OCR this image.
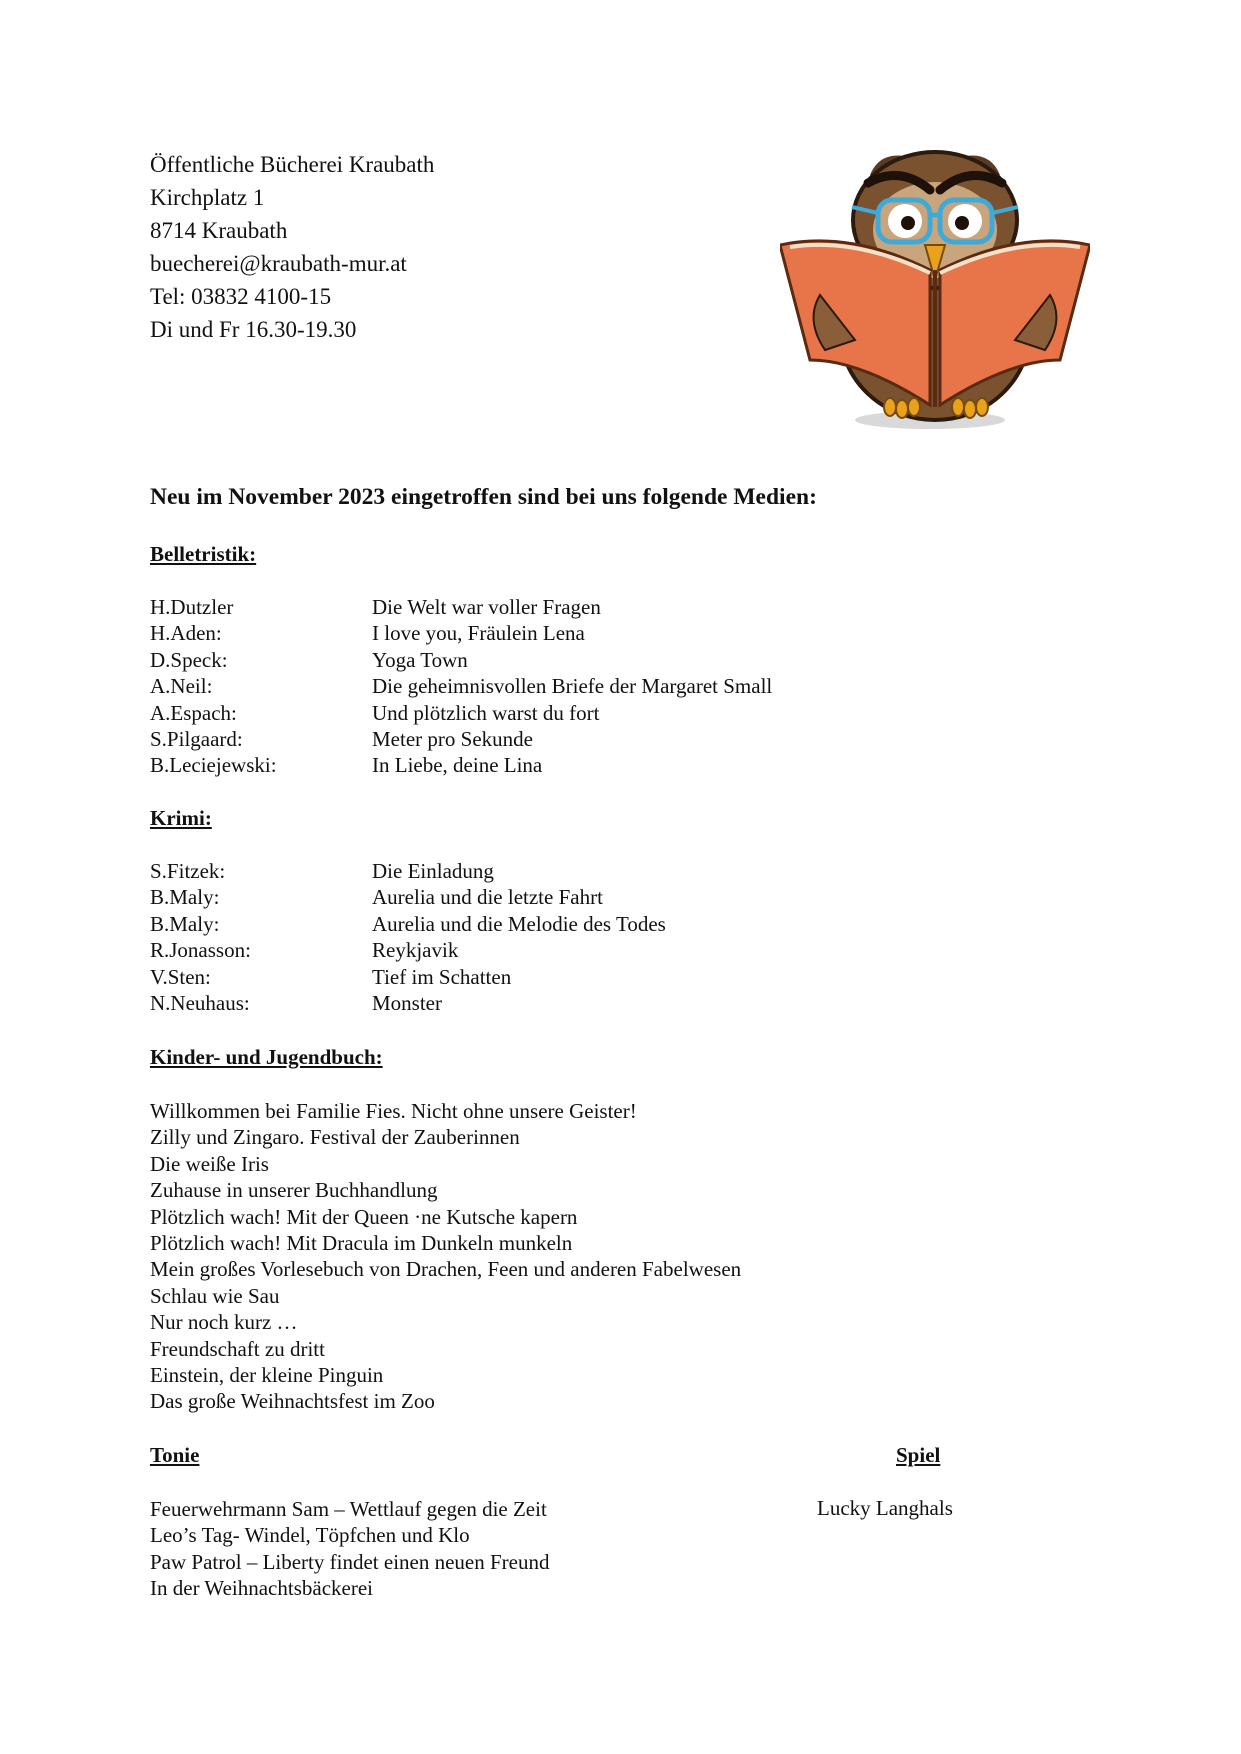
Öffentliche Bücherei Kraubath
Kirchplatz 1
8714 Kraubath
buecherei@kraubath-mur.at
Tel: 03832 4100-15
Di und Fr 16.30-19.30
Neu im November 2023 eingetroffen sind bei uns folgende Medien:
Belletristik:
H.Dutzler	Die Welt war voller Fragen
H.Aden:	I love you, Fräulein Lena
D.Speck:	Yoga Town
A.Neil:	Die geheimnisvollen Briefe der Margaret Small
A.Espach:	Und plötzlich warst du fort
S.Pilgaard:	Meter pro Sekunde
B.Leciejewski:	In Liebe, deine Lina
Krimi:
S.Fitzek:	Die Einladung
B.Maly:	Aurelia und die letzte Fahrt
B.Maly:	Aurelia und die Melodie des Todes
R.Jonasson:	Reykjavik
V.Sten:	Tief im Schatten
N.Neuhaus:	Monster
Kinder- und Jugendbuch:
Willkommen bei Familie Fies. Nicht ohne unsere Geister!
Zilly und Zingaro. Festival der Zauberinnen
Die weiße Iris
Zuhause in unserer Buchhandlung
Plötzlich wach! Mit der Queen ·ne Kutsche kapern
Plötzlich wach! Mit Dracula im Dunkeln munkeln
Mein großes Vorlesebuch von Drachen, Feen und anderen Fabelwesen
Schlau wie Sau
Nur noch kurz …
Freundschaft zu dritt
Einstein, der kleine Pinguin
Das große Weihnachtsfest im Zoo
Tonie
Feuerwehrmann Sam – Wettlauf gegen die Zeit
Leo’s Tag- Windel, Töpfchen und Klo
Paw Patrol – Liberty findet einen neuen Freund
In der Weihnachtsbäckerei
Spiel
Lucky Langhals
